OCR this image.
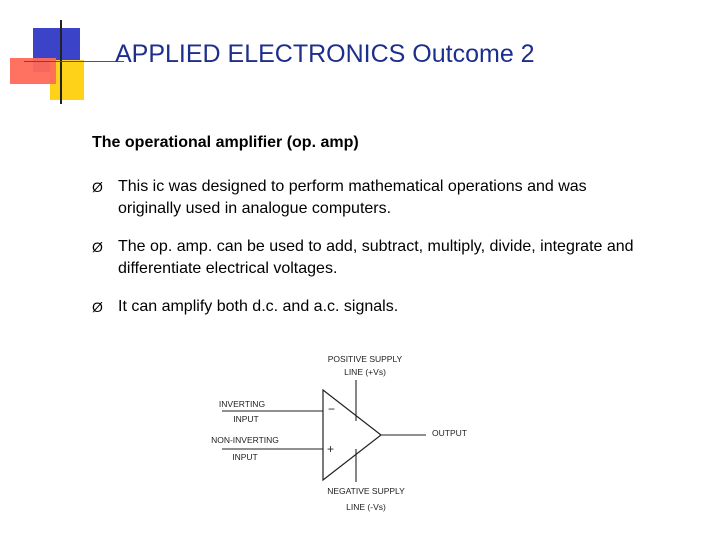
APPLIED ELECTRONICS Outcome 2
The operational amplifier (op. amp)
Ø This ic was designed to perform mathematical operations and was originally used in analogue computers.
Ø The op. amp. can be used to add, subtract, multiply, divide, integrate and differentiate electrical voltages.
Ø It can amplify both d.c. and a.c. signals.
−
+
POSITIVE SUPPLY
LINE (+Vs)
INVERTING
INPUT
NON-INVERTING
INPUT
OUTPUT
NEGATIVE SUPPLY
LINE (-Vs)
